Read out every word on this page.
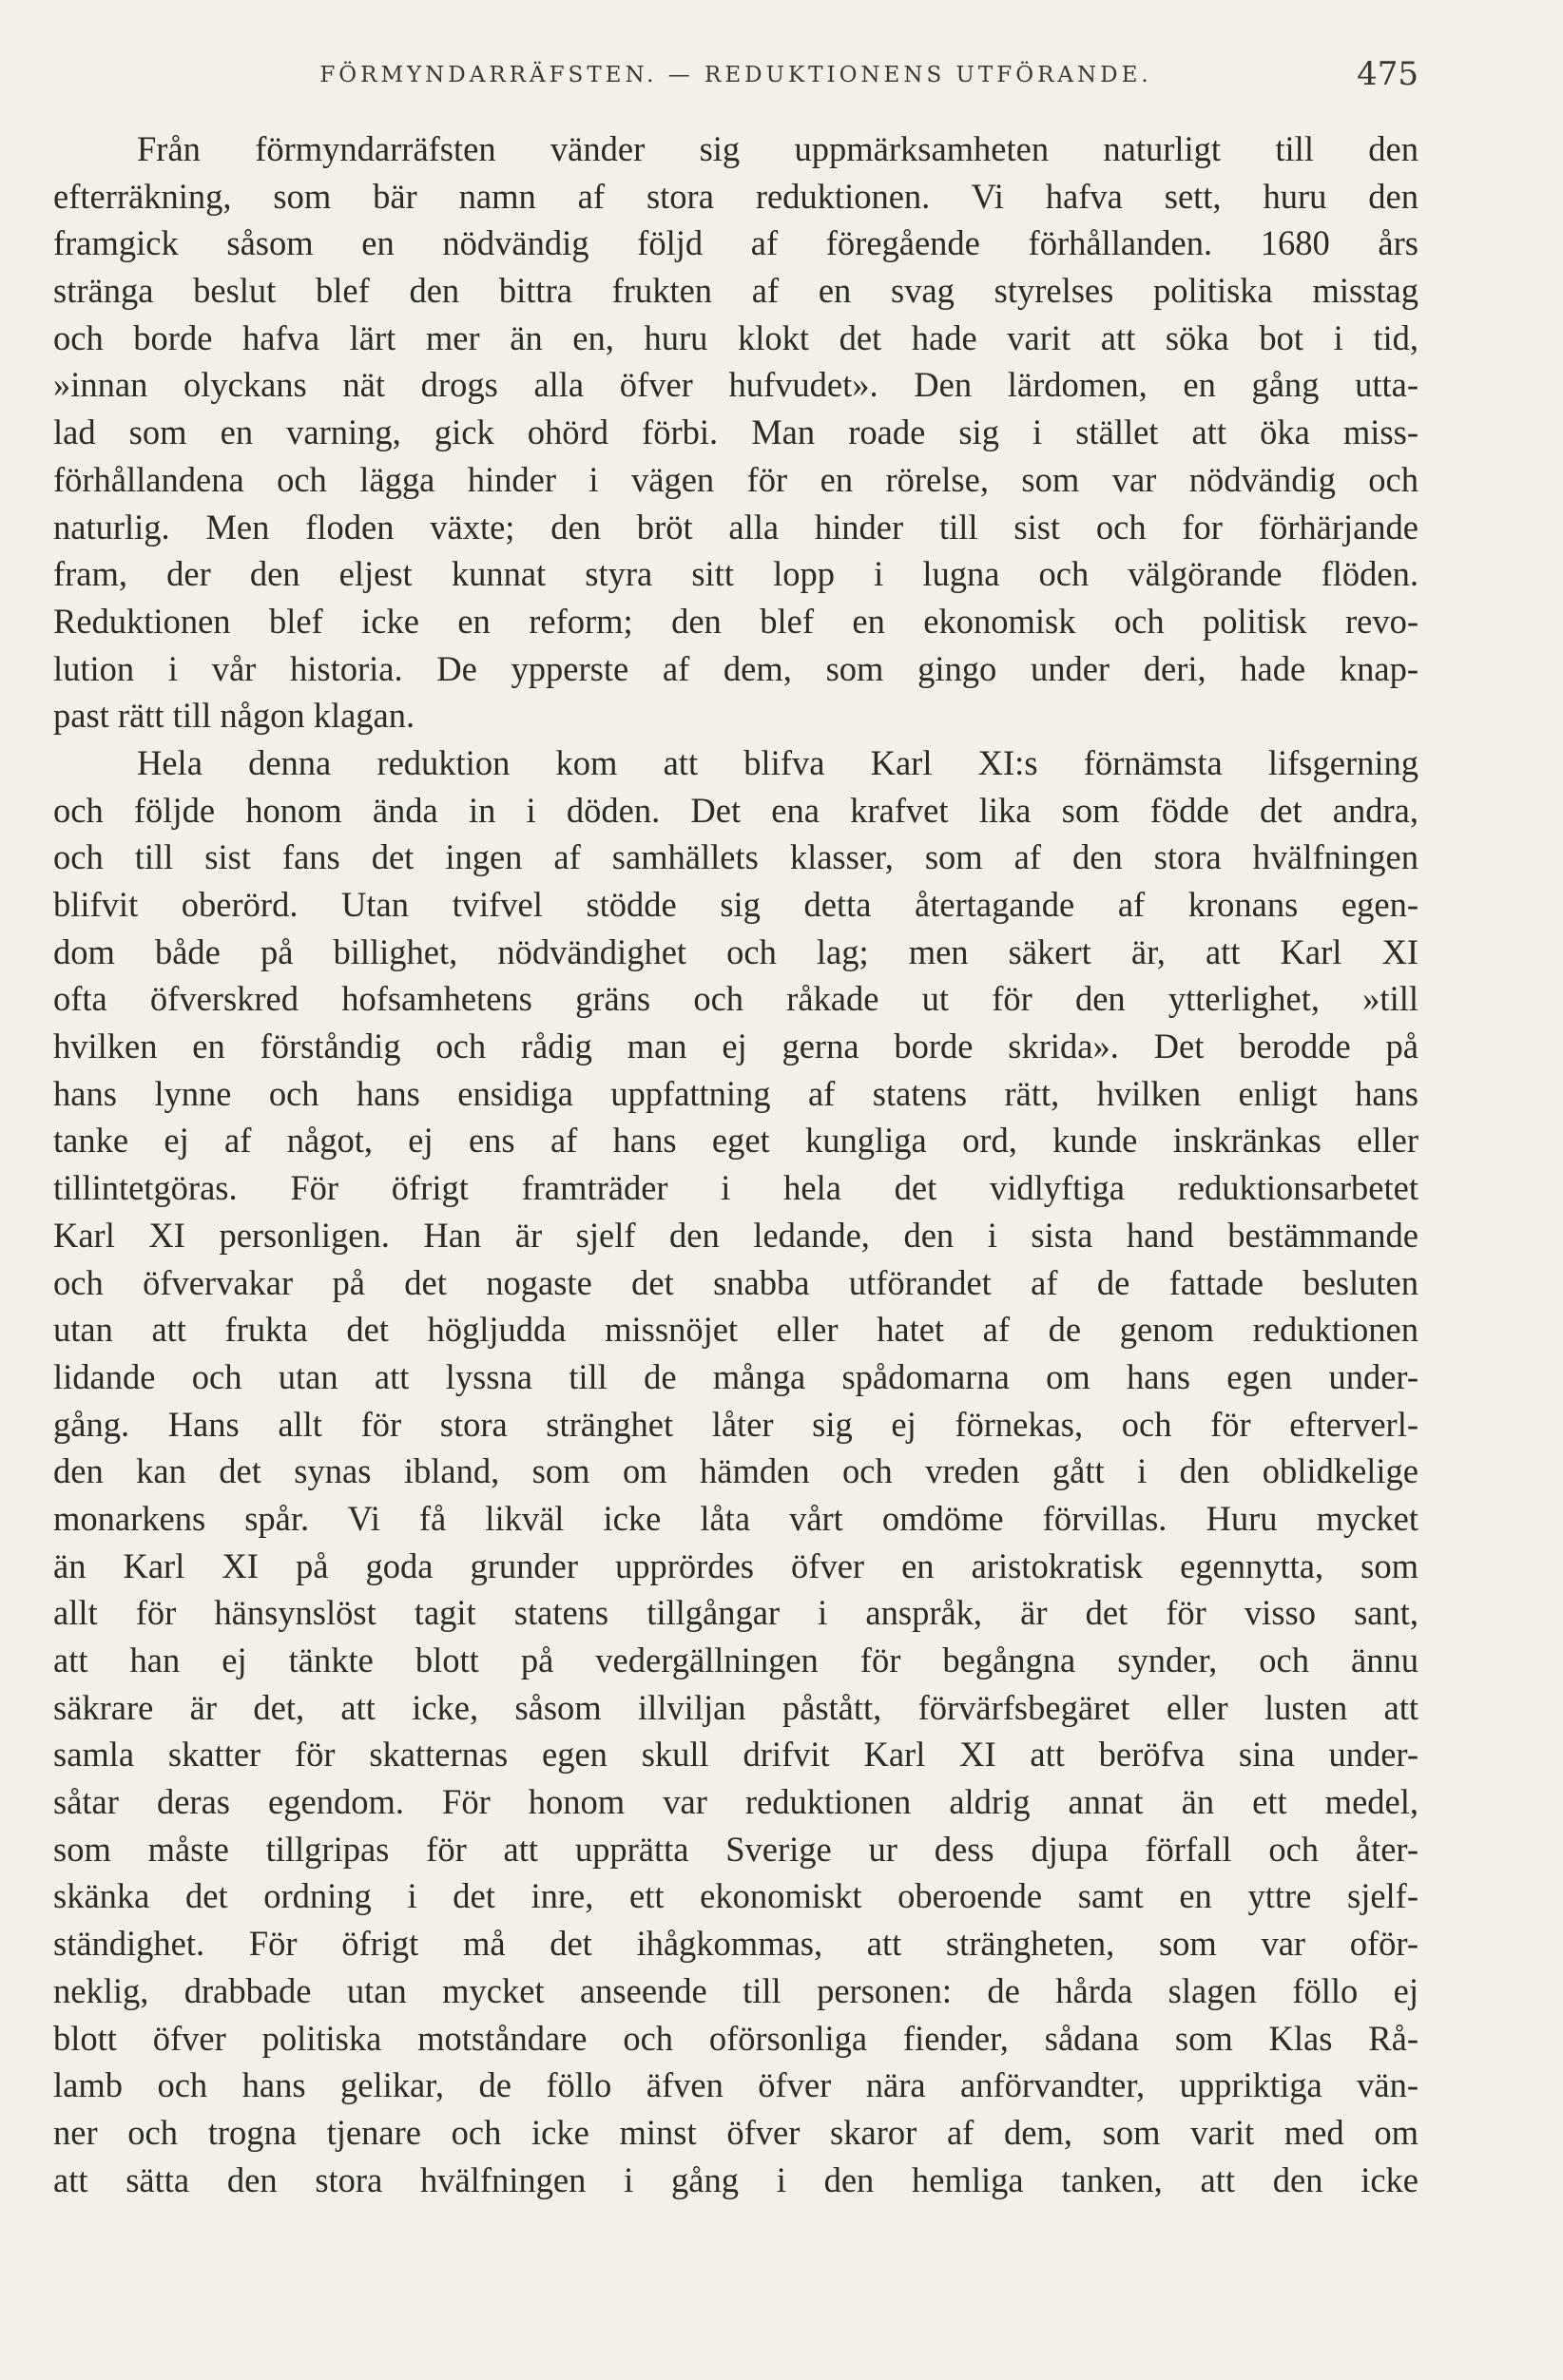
FÖRMYNDARRÄFSTEN. — REDUKTIONENS UTFÖRANDE.	475
Från förmyndarräfsten vänder sig uppmärksamheten naturligt till den
efterräkning, som bär namn af stora reduktionen. Vi hafva sett, huru den
framgick såsom en nödvändig följd af föregående förhållanden. 1680 års
stränga beslut blef den bittra frukten af en svag styrelses politiska misstag
och borde hafva lärt mer än en, huru klokt det hade varit att söka bot i tid,
»innan olyckans nät drogs alla öfver hufvudet». Den lärdomen, en gång utta-
lad som en varning, gick ohörd förbi. Man roade sig i stället att öka miss-
förhållandena och lägga hinder i vägen för en rörelse, som var nödvändig och
naturlig. Men floden växte; den bröt alla hinder till sist och for förhärjande
fram, der den eljest kunnat styra sitt lopp i lugna och välgörande flöden.
Reduktionen blef icke en reform; den blef en ekonomisk och politisk revo-
lution i vår historia. De ypperste af dem, som gingo under deri, hade knap-
past rätt till någon klagan.
Hela denna reduktion kom att blifva Karl XI:s förnämsta lifsgerning
och följde honom ända in i döden. Det ena krafvet lika som födde det andra,
och till sist fans det ingen af samhällets klasser, som af den stora hvälfningen
blifvit oberörd. Utan tvifvel stödde sig detta återtagande af kronans egen-
dom både på billighet, nödvändighet och lag; men säkert är, att Karl XI
ofta öfverskred hofsamhetens gräns och råkade ut för den ytterlighet, »till
hvilken en förståndig och rådig man ej gerna borde skrida». Det berodde på
hans lynne och hans ensidiga uppfattning af statens rätt, hvilken enligt hans
tanke ej af något, ej ens af hans eget kungliga ord, kunde inskränkas eller
tillintetgöras. För öfrigt framträder i hela det vidlyftiga reduktionsarbetet
Karl XI personligen. Han är sjelf den ledande, den i sista hand bestämmande
och öfvervakar på det nogaste det snabba utförandet af de fattade besluten
utan att frukta det högljudda missnöjet eller hatet af de genom reduktionen
lidande och utan att lyssna till de många spådomarna om hans egen under-
gång. Hans allt för stora stränghet låter sig ej förnekas, och för efterverl-
den kan det synas ibland, som om hämden och vreden gått i den oblidkelige
monarkens spår. Vi få likväl icke låta vårt omdöme förvillas. Huru mycket
än Karl XI på goda grunder upprördes öfver en aristokratisk egennytta, som
allt för hänsynslöst tagit statens tillgångar i anspråk, är det för visso sant,
att han ej tänkte blott på vedergällningen för begångna synder, och ännu
säkrare är det, att icke, såsom illviljan påstått, förvärfsbegäret eller lusten att
samla skatter för skatternas egen skull drifvit Karl XI att beröfva sina under-
såtar deras egendom. För honom var reduktionen aldrig annat än ett medel,
som måste tillgripas för att upprätta Sverige ur dess djupa förfall och åter-
skänka det ordning i det inre, ett ekonomiskt oberoende samt en yttre sjelf-
ständighet. För öfrigt må det ihågkommas, att strängheten, som var oför-
neklig, drabbade utan mycket anseende till personen: de hårda slagen föllo ej
blott öfver politiska motståndare och oförsonliga fiender, sådana som Klas Rå-
lamb och hans gelikar, de föllo äfven öfver nära anförvandter, uppriktiga vän-
ner och trogna tjenare och icke minst öfver skaror af dem, som varit med om
att sätta den stora hvälfningen i gång i den hemliga tanken, att den icke
